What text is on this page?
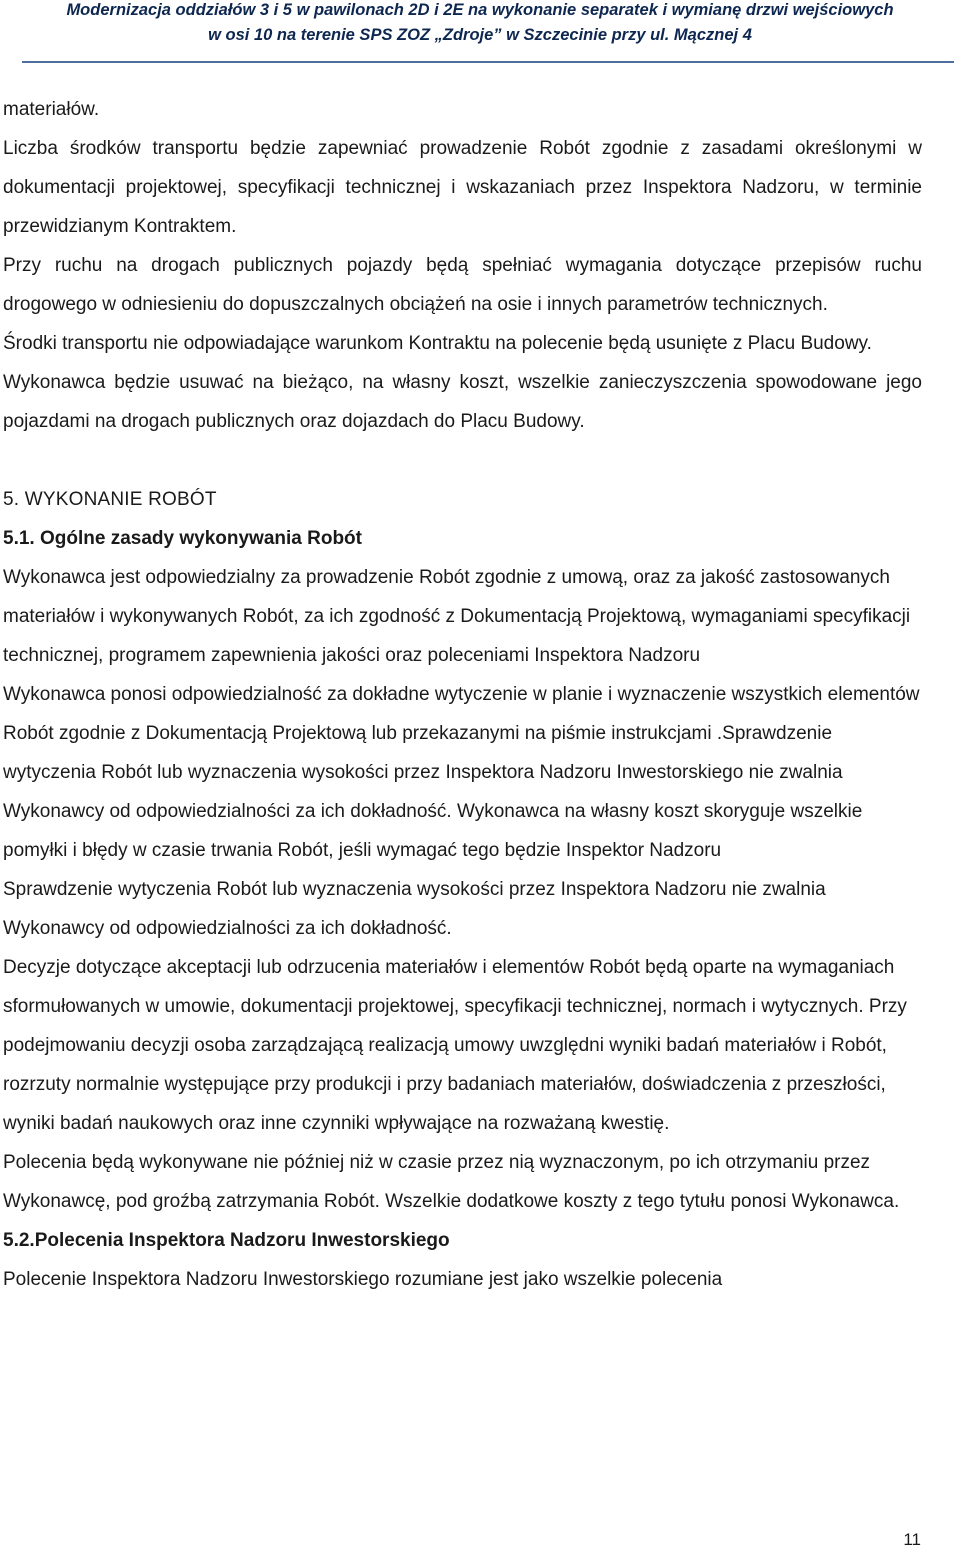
Modernizacja oddziałów 3 i 5 w pawilonach 2D i 2E na wykonanie separatek i wymianę drzwi wejściowych
w osi 10 na terenie SPS ZOZ „Zdroje” w Szczecinie przy ul. Mącznej 4

materiałów.

Liczba środków transportu będzie zapewniać prowadzenie Robót zgodnie z zasadami określonymi w dokumentacji projektowej, specyfikacji technicznej i wskazaniach przez Inspektora Nadzoru, w terminie przewidzianym Kontraktem.

Przy ruchu na drogach publicznych pojazdy będą spełniać wymagania dotyczące przepisów ruchu drogowego w odniesieniu do dopuszczalnych obciążeń na osie i innych parametrów technicznych.

Środki transportu nie odpowiadające warunkom Kontraktu na polecenie będą usunięte z Placu Budowy.

Wykonawca będzie usuwać na bieżąco, na własny koszt, wszelkie zanieczyszczenia spowodowane jego pojazdami na drogach publicznych oraz dojazdach do Placu Budowy.

5. WYKONANIE ROBÓT
5.1. Ogólne zasady wykonywania Robót

Wykonawca jest odpowiedzialny za prowadzenie Robót zgodnie z umową, oraz za jakość zastosowanych materiałów i wykonywanych Robót, za ich zgodność z Dokumentacją Projektową, wymaganiami specyfikacji technicznej, programem zapewnienia jakości oraz poleceniami Inspektora Nadzoru

Wykonawca ponosi odpowiedzialność za dokładne wytyczenie w planie i wyznaczenie wszystkich elementów Robót zgodnie z Dokumentacją Projektową lub przekazanymi na piśmie instrukcjami .Sprawdzenie wytyczenia Robót lub wyznaczenia wysokości przez Inspektora Nadzoru Inwestorskiego nie zwalnia Wykonawcy od odpowiedzialności za ich dokładność. Wykonawca na własny koszt skoryguje wszelkie pomyłki i błędy w czasie trwania Robót, jeśli wymagać tego będzie Inspektor Nadzoru

Sprawdzenie wytyczenia Robót lub wyznaczenia wysokości przez Inspektora Nadzoru nie zwalnia Wykonawcy od odpowiedzialności za ich dokładność.

Decyzje dotyczące akceptacji lub odrzucenia materiałów i elementów Robót będą oparte na wymaganiach sformułowanych w umowie, dokumentacji projektowej, specyfikacji technicznej, normach i wytycznych. Przy podejmowaniu decyzji osoba zarządzającą realizacją umowy uwzględni wyniki badań materiałów i Robót, rozrzuty normalnie występujące przy produkcji i przy badaniach materiałów, doświadczenia z przeszłości, wyniki badań naukowych oraz inne czynniki wpływające na rozważaną kwestię.

Polecenia będą wykonywane nie później niż w czasie przez nią wyznaczonym, po ich otrzymaniu przez Wykonawcę, pod groźbą zatrzymania Robót. Wszelkie dodatkowe koszty z tego tytułu ponosi Wykonawca.

5.2.Polecenia Inspektora Nadzoru Inwestorskiego

Polecenie Inspektora Nadzoru Inwestorskiego rozumiane jest jako wszelkie polecenia

11
